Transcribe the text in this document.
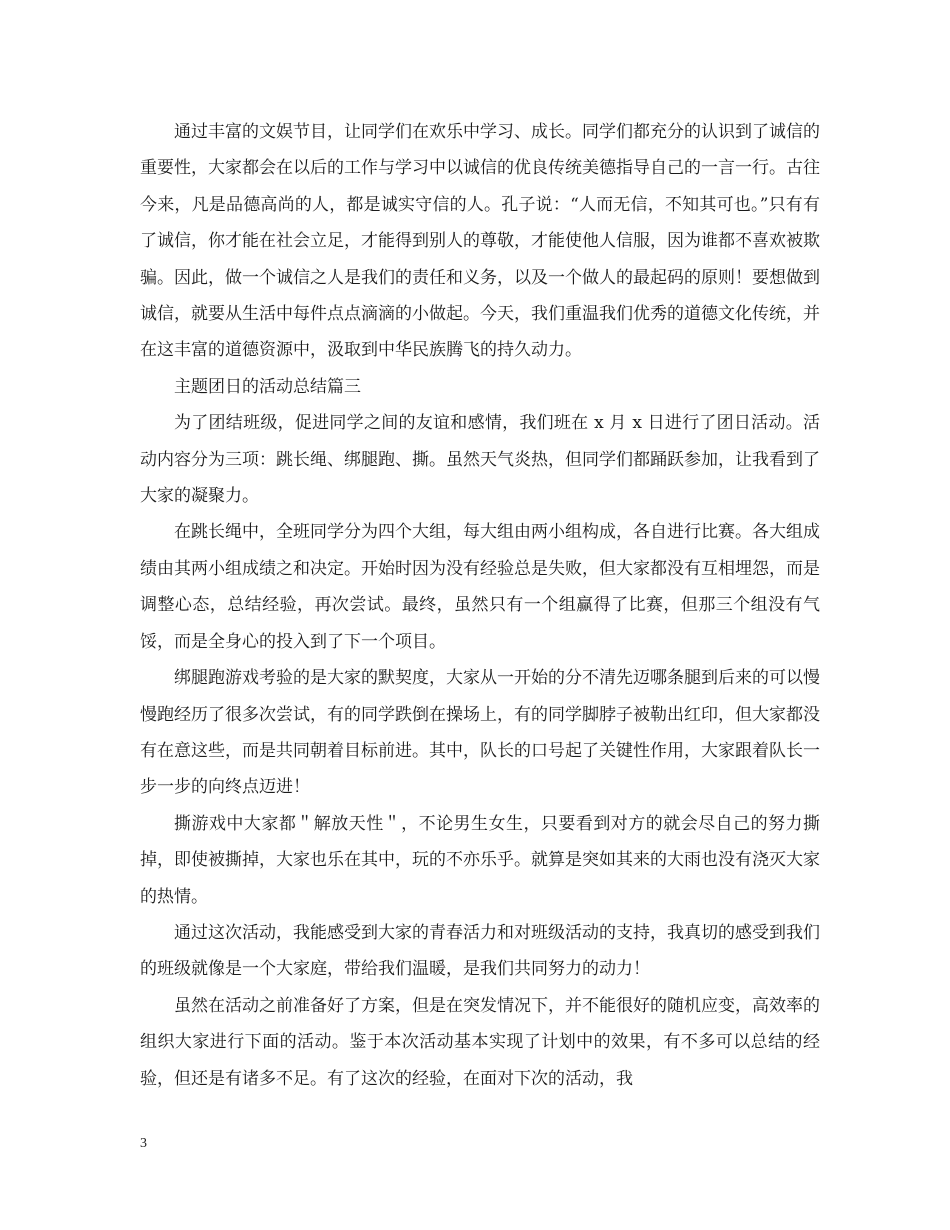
通过丰富的文娱节目，让同学们在欢乐中学习、成长。同学们都充分的认识到了诚信的重要性，大家都会在以后的工作与学习中以诚信的优良传统美德指导自己的一言一行。古往今来，凡是品德高尚的人，都是诚实守信的人。孔子说：“人而无信，不知其可也。”只有有了诚信，你才能在社会立足，才能得到别人的尊敬，才能使他人信服，因为谁都不喜欢被欺骗。因此，做一个诚信之人是我们的责任和义务，以及一个做人的最起码的原则！要想做到诚信，就要从生活中每件点点滴滴的小做起。今天，我们重温我们优秀的道德文化传统，并在这丰富的道德资源中，汲取到中华民族腾飞的持久动力。

主题团日的活动总结篇三

为了团结班级，促进同学之间的友谊和感情，我们班在 x 月 x 日进行了团日活动。活动内容分为三项：跳长绳、绑腿跑、撕。虽然天气炎热，但同学们都踊跃参加，让我看到了大家的凝聚力。

在跳长绳中，全班同学分为四个大组，每大组由两小组构成，各自进行比赛。各大组成绩由其两小组成绩之和决定。开始时因为没有经验总是失败，但大家都没有互相埋怨，而是调整心态，总结经验，再次尝试。最终，虽然只有一个组赢得了比赛，但那三个组没有气馁，而是全身心的投入到了下一个项目。

绑腿跑游戏考验的是大家的默契度，大家从一开始的分不清先迈哪条腿到后来的可以慢慢跑经历了很多次尝试，有的同学跌倒在操场上，有的同学脚脖子被勒出红印，但大家都没有在意这些，而是共同朝着目标前进。其中，队长的口号起了关键性作用，大家跟着队长一步一步的向终点迈进！

撕游戏中大家都＂解放天性＂，不论男生女生，只要看到对方的就会尽自己的努力撕掉，即使被撕掉，大家也乐在其中，玩的不亦乐乎。就算是突如其来的大雨也没有浇灭大家的热情。

通过这次活动，我能感受到大家的青春活力和对班级活动的支持，我真切的感受到我们的班级就像是一个大家庭，带给我们温暖，是我们共同努力的动力！

虽然在活动之前准备好了方案，但是在突发情况下，并不能很好的随机应变，高效率的组织大家进行下面的活动。鉴于本次活动基本实现了计划中的效果，有不多可以总结的经验，但还是有诸多不足。有了这次的经验，在面对下次的活动，我

3
